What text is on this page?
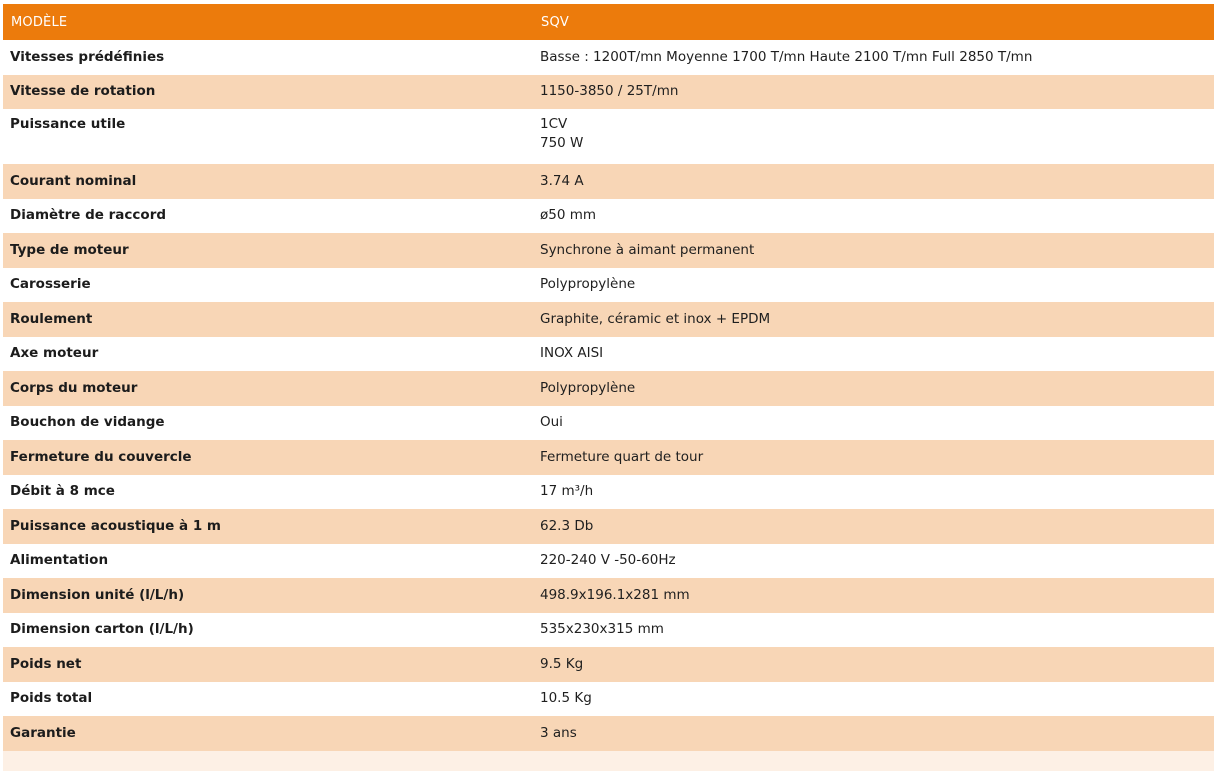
MODÈLE	SQV
Vitesses prédéfinies	Basse : 1200T/mn Moyenne 1700 T/mn Haute 2100 T/mn Full 2850 T/mn
Vitesse de rotation	1150-3850 / 25T/mn
Puissance utile	1CV
750 W

Courant nominal	3.74 A
Diamètre de raccord	ø50 mm
Type de moteur	Synchrone à aimant permanent
Carosserie	Polypropylène
Roulement	Graphite, céramic et inox + EPDM
Axe moteur	INOX AISI
Corps du moteur	Polypropylène
Bouchon de vidange	Oui
Fermeture du couvercle	Fermeture quart de tour
Débit à 8 mce	17 m³/h
Puissance acoustique à 1 m	62.3 Db
Alimentation	220-240 V -50-60Hz
Dimension unité (l/L/h)	498.9x196.1x281 mm
Dimension carton (l/L/h)	535x230x315 mm
Poids net	9.5 Kg
Poids total	10.5 Kg
Garantie	3 ans
